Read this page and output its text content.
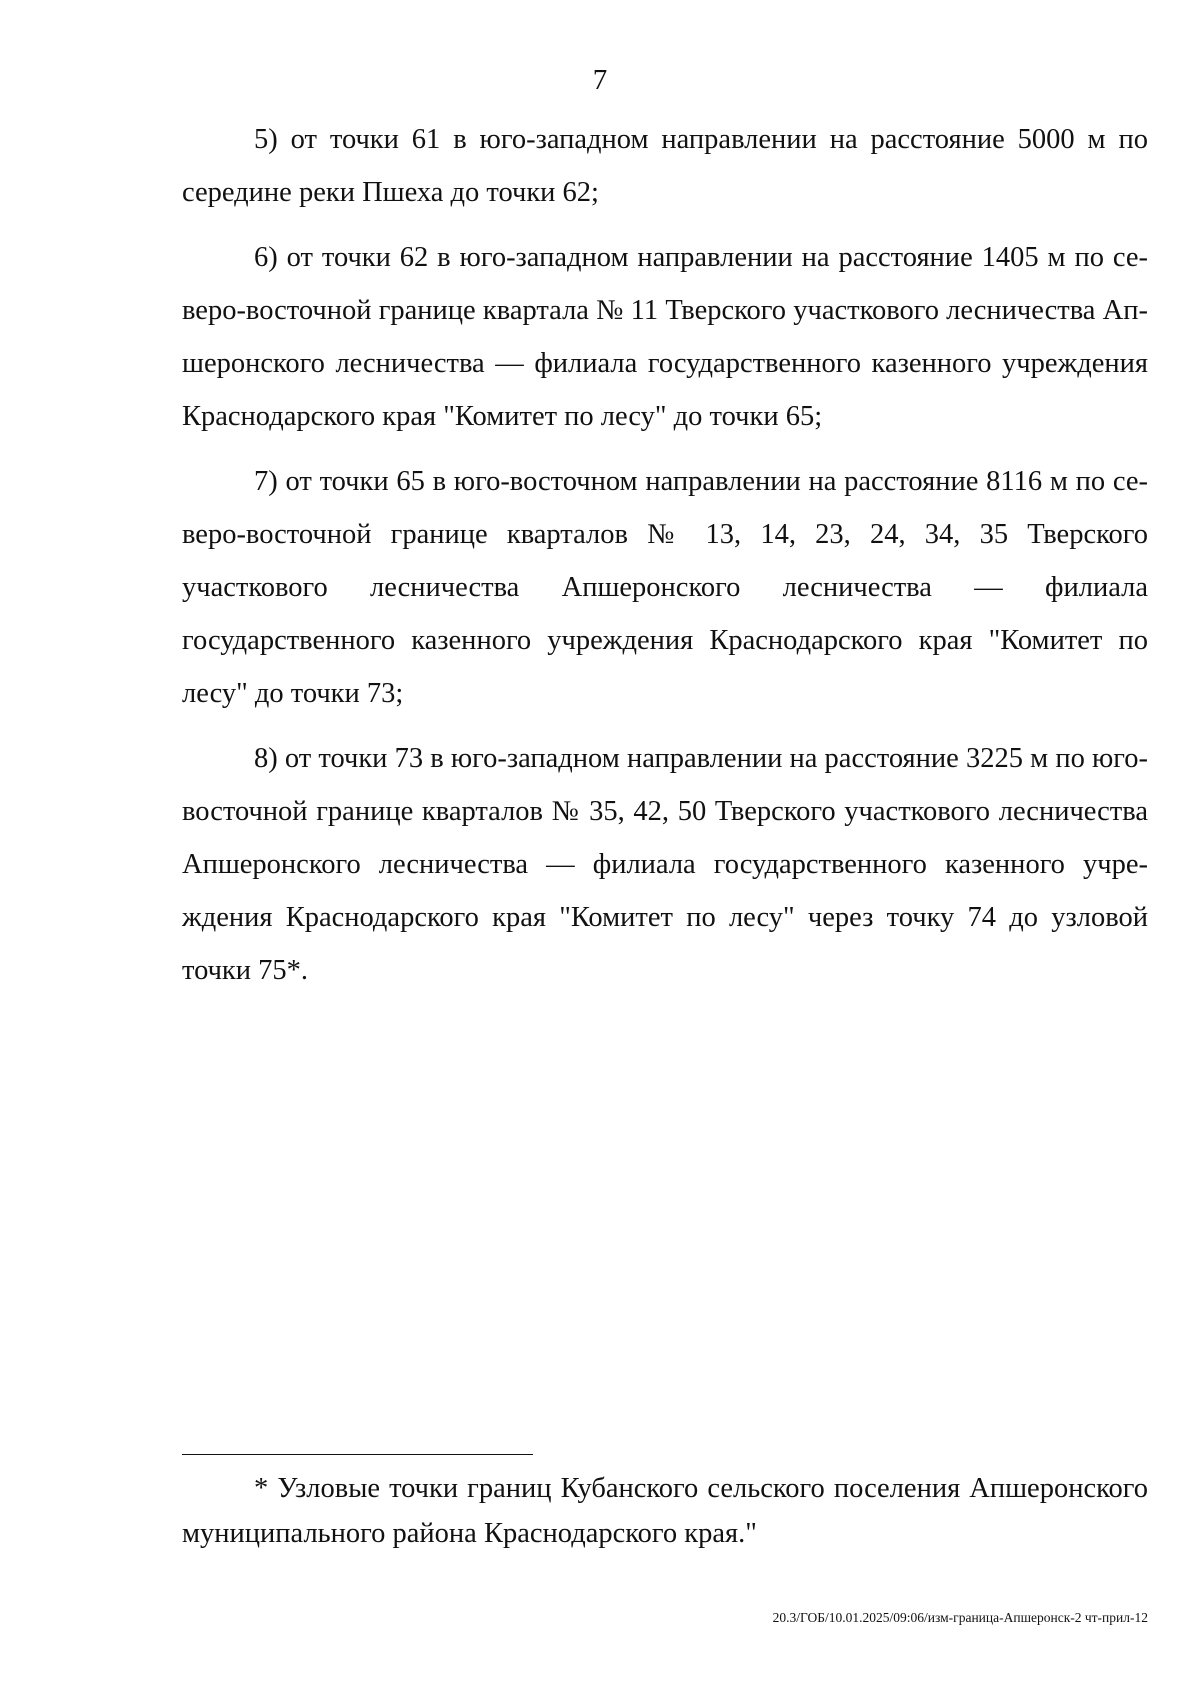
7

5) от точки 61 в юго-западном направлении на расстояние 5000 м по середине реки Пшеха до точки 62;

6) от точки 62 в юго-западном направлении на расстояние 1405 м по северо-восточной границе квартала № 11 Тверского участкового лесничества Апшеронского лесничества — филиала государственного казенного учреждения Краснодарского края "Комитет по лесу" до точки 65;

7) от точки 65 в юго-восточном направлении на расстояние 8116 м по северо-восточной границе кварталов № 13, 14, 23, 24, 34, 35 Тверского участкового лесничества Апшеронского лесничества — филиала государственного казенного учреждения Краснодарского края "Комитет по лесу" до точки 73;

8) от точки 73 в юго-западном направлении на расстояние 3225 м по юго-восточной границе кварталов № 35, 42, 50 Тверского участкового лесничества Апшеронского лесничества — филиала государственного казенного учреждения Краснодарского края "Комитет по лесу" через точку 74 до узловой точки 75*.

* Узловые точки границ Кубанского сельского поселения Апшеронского муниципального района Краснодарского края."

20.3/ГОБ/10.01.2025/09:06/изм-граница-Апшеронск-2 чт-прил-12
